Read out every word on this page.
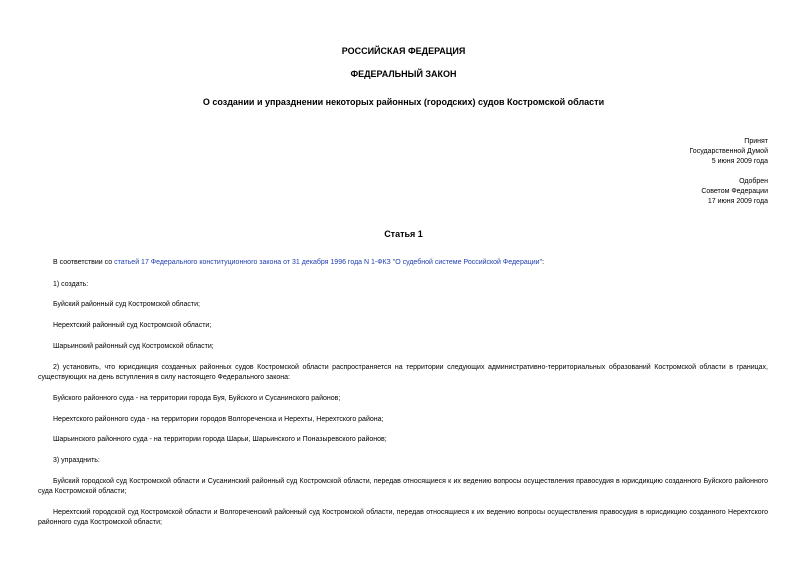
РОССИЙСКАЯ ФЕДЕРАЦИЯ
ФЕДЕРАЛЬНЫЙ ЗАКОН
О создании и упразднении некоторых районных (городских) судов Костромской области
Принят
Государственной Думой
5 июня 2009 года
Одобрен
Советом Федерации
17 июня 2009 года
Статья 1
В соответствии со статьей 17 Федерального конституционного закона от 31 декабря 1996 года N 1-ФКЗ "О судебной системе Российской Федерации":
1) создать:
Буйский районный суд Костромской области;
Нерехтский районный суд Костромской области;
Шарьинский районный суд Костромской области;
2) установить, что юрисдикция созданных районных судов Костромской области распространяется на территории следующих административно-территориальных образований Костромской области в границах, существующих на день вступления в силу настоящего Федерального закона:
Буйского районного суда - на территории города Буя, Буйского и Сусанинского районов;
Нерехтского районного суда - на территории городов Волгореченска и Нерехты, Нерехтского района;
Шарьинского районного суда - на территории города Шарьи, Шарьинского и Поназыревского районов;
3) упразднить:
Буйский городской суд Костромской области и Сусанинский районный суд Костромской области, передав относящиеся к их ведению вопросы осуществления правосудия в юрисдикцию созданного Буйского районного суда Костромской области;
Нерехтский городской суд Костромской области и Волгореченский районный суд Костромской области, передав относящиеся к их ведению вопросы осуществления правосудия в юрисдикцию созданного Нерехтского районного суда Костромской области;
